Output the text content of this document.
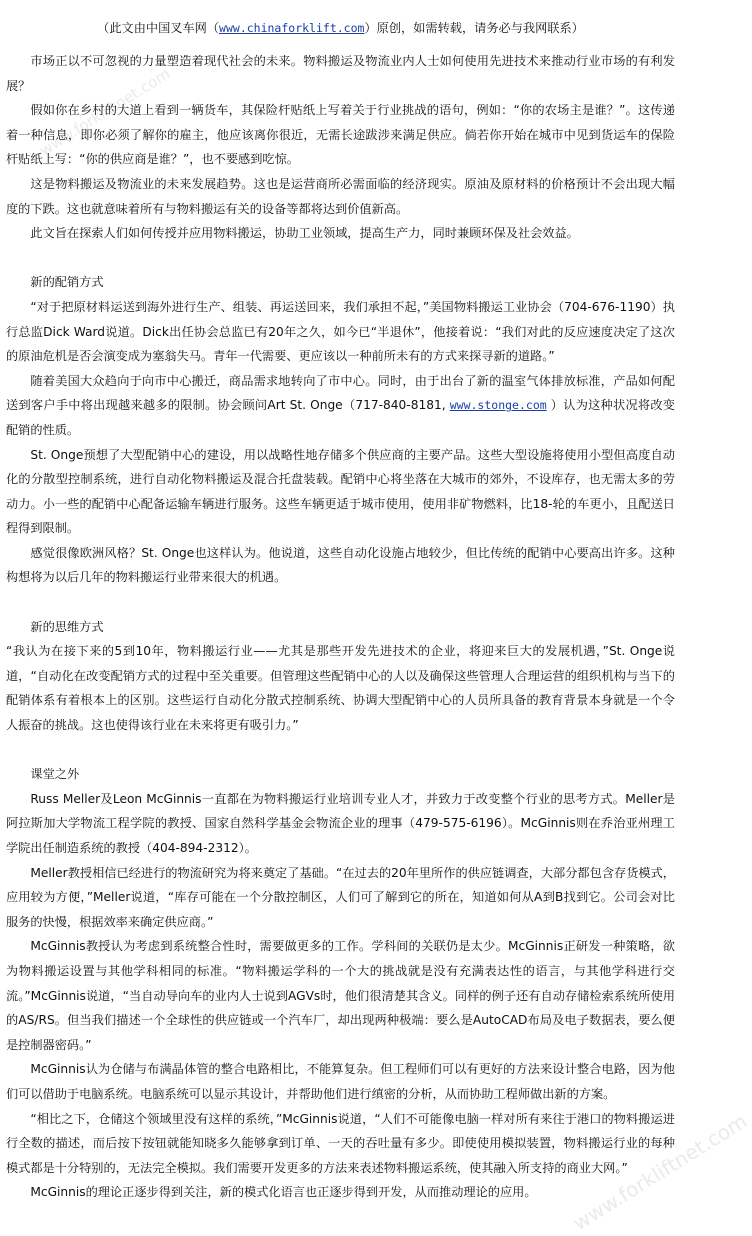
www.forkliftnet.com
www.forkliftnet.com
（此文由中国叉车网（www.chinaforklift.com）原创，如需转载，请务必与我网联系）

市场正以不可忽视的力量塑造着现代社会的未来。物料搬运及物流业内人士如何使用先进技术来推动行业市场的有利发展？

假如你在乡村的大道上看到一辆货车，其保险杆贴纸上写着关于行业挑战的语句，例如：“你的农场主是谁？”。这传递着一种信息，即你必须了解你的雇主，他应该离你很近，无需长途跋涉来满足供应。倘若你开始在城市中见到货运车的保险杆贴纸上写：“你的供应商是谁？”，也不要感到吃惊。

这是物料搬运及物流业的未来发展趋势。这也是运营商所必需面临的经济现实。原油及原材料的价格预计不会出现大幅度的下跌。这也就意味着所有与物料搬运有关的设备等都将达到价值新高。

此文旨在探索人们如何传授并应用物料搬运，协助工业领域，提高生产力，同时兼顾环保及社会效益。

新的配销方式

“对于把原材料运送到海外进行生产、组装、再运送回来，我们承担不起，”美国物料搬运工业协会（704-676-1190）执行总监Dick Ward说道。Dick出任协会总监已有20年之久，如今已“半退休”，他接着说：“我们对此的反应速度决定了这次的原油危机是否会演变成为塞翁失马。青年一代需要、更应该以一种前所未有的方式来探寻新的道路。”

随着美国大众趋向于向市中心搬迁，商品需求地转向了市中心。同时，由于出台了新的温室气体排放标准，产品如何配送到客户手中将出现越来越多的限制。协会顾问Art St. Onge（717-840-8181, www.stonge.com ）认为这种状况将改变配销的性质。

St. Onge预想了大型配销中心的建设，用以战略性地存储多个供应商的主要产品。这些大型设施将使用小型但高度自动化的分散型控制系统，进行自动化物料搬运及混合托盘装载。配销中心将坐落在大城市的郊外，不设库存，也无需太多的劳动力。小一些的配销中心配备运输车辆进行服务。这些车辆更适于城市使用，使用非矿物燃料，比18-轮的车更小，且配送日程得到限制。

感觉很像欧洲风格？St. Onge也这样认为。他说道，这些自动化设施占地较少，但比传统的配销中心要高出许多。这种构想将为以后几年的物料搬运行业带来很大的机遇。

新的思维方式

“我认为在接下来的5到10年，物料搬运行业——尤其是那些开发先进技术的企业，将迎来巨大的发展机遇，”St. Onge说道，“自动化在改变配销方式的过程中至关重要。但管理这些配销中心的人以及确保这些管理人合理运营的组织机构与当下的配销体系有着根本上的区别。这些运行自动化分散式控制系统、协调大型配销中心的人员所具备的教育背景本身就是一个令人振奋的挑战。这也使得该行业在未来将更有吸引力。”

课堂之外

Russ Meller及Leon McGinnis一直都在为物料搬运行业培训专业人才，并致力于改变整个行业的思考方式。Meller是阿拉斯加大学物流工程学院的教授、国家自然科学基金会物流企业的理事（479-575-6196）。McGinnis则在乔治亚州理工学院出任制造系统的教授（404-894-2312）。

Meller教授相信已经进行的物流研究为将来奠定了基础。“在过去的20年里所作的供应链调查，大部分都包含存货模式，应用较为方便，”Meller说道，“库存可能在一个分散控制区，人们可了解到它的所在，知道如何从A到B找到它。公司会对比服务的快慢，根据效率来确定供应商。”

McGinnis教授认为考虑到系统整合性时，需要做更多的工作。学科间的关联仍是太少。McGinnis正研发一种策略，欲为物料搬运设置与其他学科相同的标准。“物料搬运学科的一个大的挑战就是没有充满表达性的语言，与其他学科进行交流。”McGinnis说道，“当自动导向车的业内人士说到AGVs时，他们很清楚其含义。同样的例子还有自动存储检索系统所使用的AS/RS。但当我们描述一个全球性的供应链或一个汽车厂，却出现两种极端：要么是AutoCAD布局及电子数据表，要么便是控制器密码。”

McGinnis认为仓储与布满晶体管的整合电路相比，不能算复杂。但工程师们可以有更好的方法来设计整合电路，因为他们可以借助于电脑系统。电脑系统可以显示其设计，并帮助他们进行缜密的分析，从而协助工程师做出新的方案。

“相比之下，仓储这个领域里没有这样的系统，”McGinnis说道，“人们不可能像电脑一样对所有来往于港口的物料搬运进行全数的描述，而后按下按钮就能知晓多久能够拿到订单、一天的吞吐量有多少。即使使用模拟装置，物料搬运行业的每种模式都是十分特别的，无法完全模拟。我们需要开发更多的方法来表述物料搬运系统，使其融入所支持的商业大网。”

McGinnis的理论正逐步得到关注，新的模式化语言也正逐步得到开发，从而推动理论的应用。
